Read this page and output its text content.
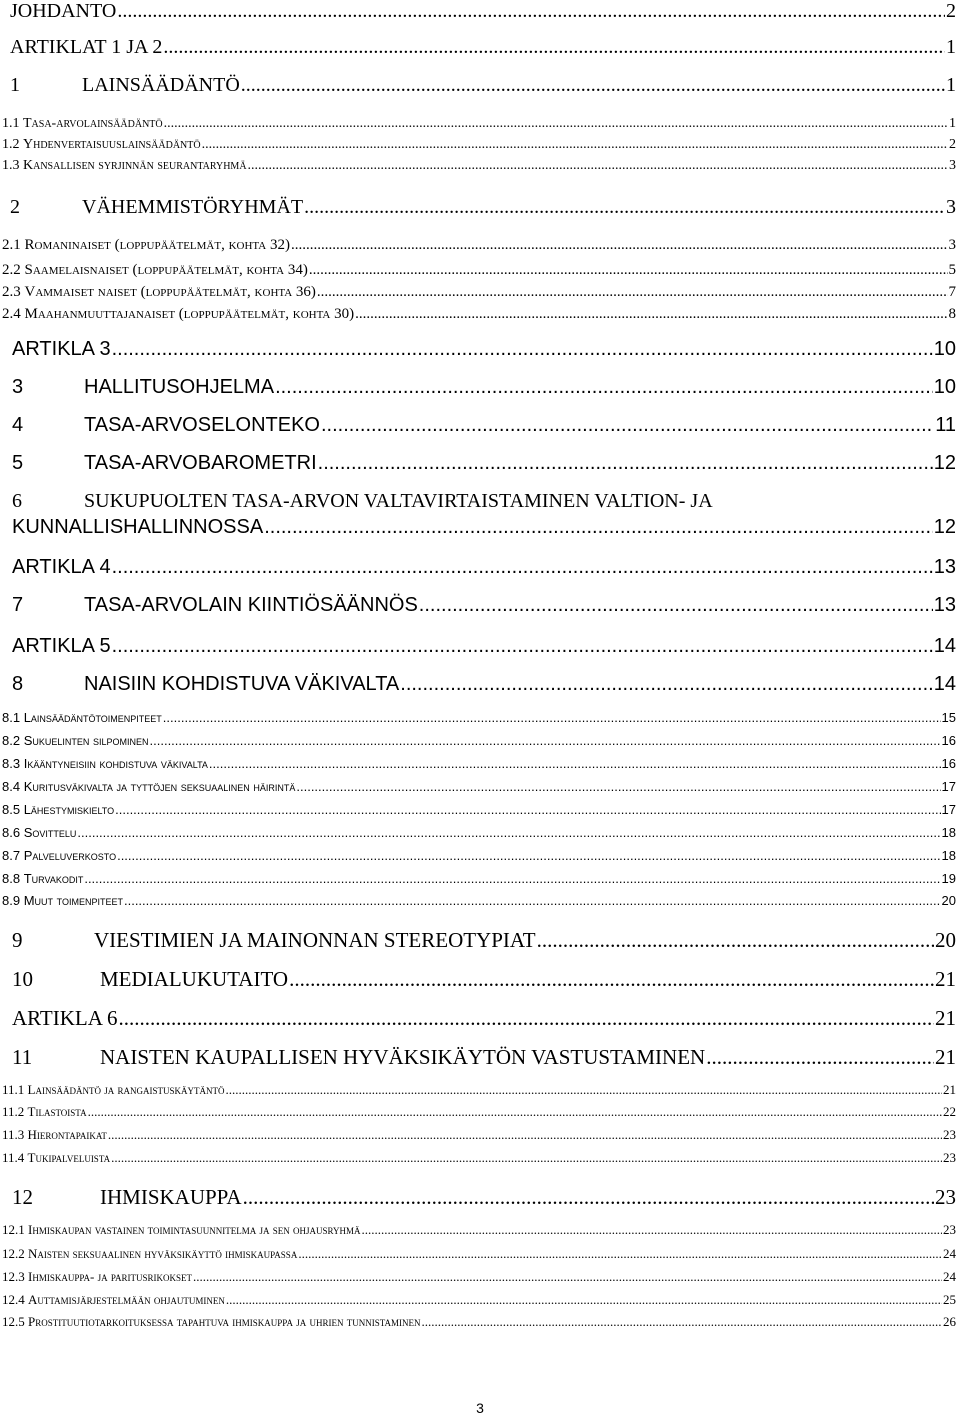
JOHDANTO .....	2
ARTIKLAT 1 JA 2 .....	1
1	LAINSÄÄDÄNTÖ .....	1
1.1 Tasa-arvolainsäädäntö .....	1
1.2 Yhdenvertaisuuslainsäädäntö .....	2
1.3 Kansallisen syrjinnän seurantaryhmä .....	3
2	VÄHEMMISTÖRYHMÄT .....	3
2.1 Romaninaiset (loppupäätelmät, kohta 32) .....	3
2.2 Saamelaisnaiset (loppupäätelmät, kohta 34) .....	5
2.3 Vammaiset naiset (loppupäätelmät, kohta 36) .....	7
2.4 Maahanmuuttajanaiset (loppupäätelmät, kohta 30) .....	8
ARTIKLA 3 .....	10
3	HALLITUSOHJELMA .....	10
4	TASA-ARVOSELONTEKO .....	11
5	TASA-ARVOBAROMETRI .....	12
6	SUKUPUOLTEN TASA-ARVON VALTAVIRTAISTAMINEN VALTION- JA
KUNNALLISHALLINNOSSA .....	12
ARTIKLA 4 .....	13
7	TASA-ARVOLAIN KIINTIÖSÄÄNNÖS .....	13
ARTIKLA 5 .....	14
8	NAISIIN KOHDISTUVA VÄKIVALTA .....	14
8.1 Lainsäädäntötoimenpiteet .....	15
8.2 Sukuelinten silpominen .....	16
8.3 Ikääntyneisiin kohdistuva väkivalta .....	16
8.4 Kuritusväkivalta ja tyttöjen seksuaalinen häirintä .....	17
8.5 Lähestymiskielto .....	17
8.6 Sovittelu .....	18
8.7 Palveluverkosto .....	18
8.8 Turvakodit .....	19
8.9 Muut toimenpiteet .....	20
9	VIESTIMIEN JA MAINONNAN STEREOTYPIAT .....	20
10	MEDIALUKUTAITO .....	21
ARTIKLA 6 .....	21
11	NAISTEN KAUPALLISEN HYVÄKSIKÄYTÖN VASTUSTAMINEN .....	21
11.1 Lainsäädäntö ja rangaistuskäytäntö .....	21
11.2 Tilastoista .....	22
11.3 Hierontapaikat .....	23
11.4 Tukipalveluista .....	23
12	IHMISKAUPPA .....	23
12.1 Ihmiskaupan vastainen toimintasuunnitelma ja sen ohjausryhmä .....	23
12.2 Naisten seksuaalinen hyväksikäyttö ihmiskaupassa .....	24
12.3 Ihmiskauppa- ja paritusrikokset .....	24
12.4 Auttamisjärjestelmään ohjautuminen .....	25
12.5 Prostituutiotarkoituksessa tapahtuva ihmiskauppa ja uhrien tunnistaminen .....	26
3
